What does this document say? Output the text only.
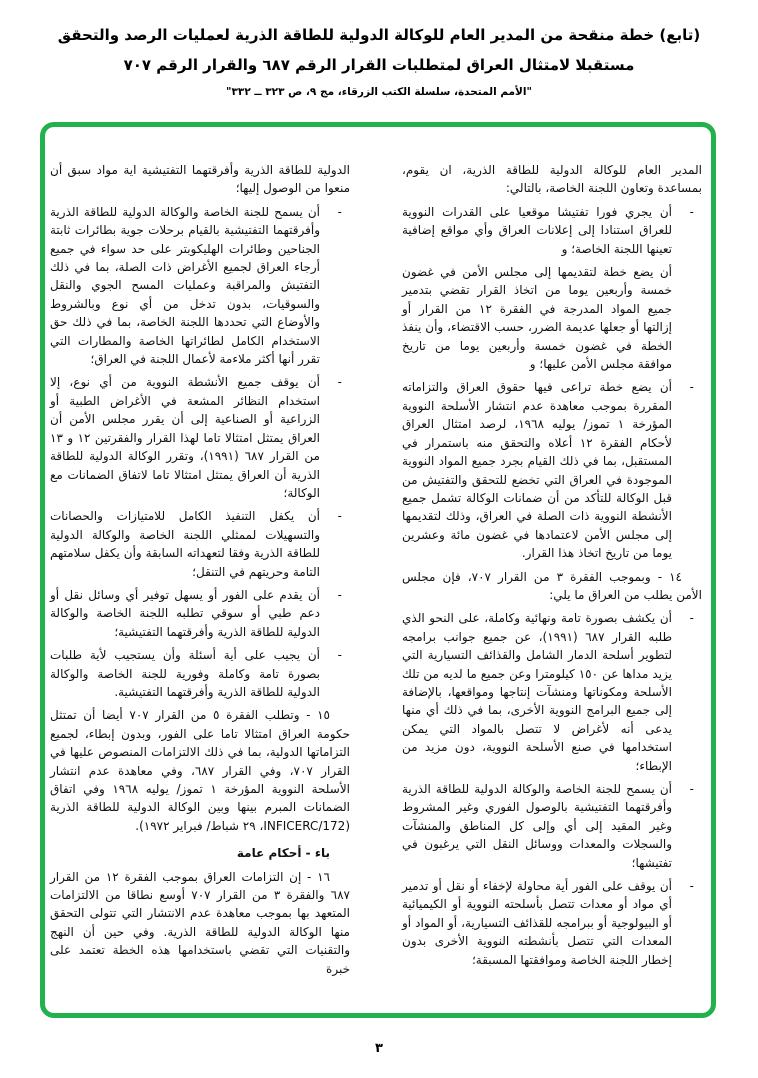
(تابع) خطة منقحة من المدير العام للوكالة الدولية للطاقة الذرية لعمليات الرصد والتحقق
مستقبلا لامتثال العراق لمتطلبات القرار الرقم ٦٨٧ والقرار الرقم ٧٠٧
"الأمم المتحدة، سلسلة الكتب الزرقاء، مج ٩، ص ٣٢٣ ــ ٣٣٢"

المدير العام للوكالة الدولية للطاقة الذرية، ان يقوم، بمساعدة وتعاون اللجنة الخاصة، بالتالي:

-
أن يجري فورا تفتيشا موقعيا على القدرات النووية للعراق استنادا إلى إعلانات العراق وأي مواقع إضافية تعينها اللجنة الخاصة؛ و
أن يضع خطة لتقديمها إلى مجلس الأمن في غضون خمسة وأربعين يوما من اتخاذ القرار تقضي بتدمير جميع المواد المدرجة في الفقرة ١٢ من القرار أو إزالتها أو جعلها عديمة الضرر، حسب الاقتضاء، وأن ينفذ الخطة في غضون خمسة وأربعين يوما من تاريخ موافقة مجلس الأمن عليها؛ و
-
أن يضع خطة تراعى فيها حقوق العراق والتزاماته المقررة بموجب معاهدة عدم انتشار الأسلحة النووية المؤرخة ١ تموز/ يوليه ١٩٦٨، لرصد امتثال العراق لأحكام الفقرة ١٢ أعلاه والتحقق منه باستمرار في المستقبل، بما في ذلك القيام بجرد جميع المواد النووية الموجودة في العراق التي تخضع للتحقق والتفتيش من قبل الوكالة للتأكد من أن ضمانات الوكالة تشمل جميع الأنشطة النووية ذات الصلة في العراق، وذلك لتقديمها إلى مجلس الأمن لاعتمادها في غضون مائة وعشرين يوما من تاريخ اتخاذ هذا القرار.

١٤ - وبموجب الفقرة ٣ من القرار ٧٠٧، فإن مجلس الأمن يطلب من العراق ما يلي:

-
أن يكشف بصورة تامة ونهائية وكاملة، على النحو الذي طلبه القرار ٦٨٧ (١٩٩١)، عن جميع جوانب برامجه لتطوير أسلحة الدمار الشامل والقذائف التسيارية التي يزيد مداها عن ١٥٠ كيلومترا وعن جميع ما لديه من تلك الأسلحة ومكوناتها ومنشآت إنتاجها ومواقعها، بالإضافة إلى جميع البرامج النووية الأخرى، بما في ذلك أي منها يدعى أنه لأغراض لا تتصل بالمواد التي يمكن استخدامها في صنع الأسلحة النووية، دون مزيد من الإبطاء؛
-
أن يسمح للجنة الخاصة والوكالة الدولية للطاقة الذرية وأفرقتهما التفتيشية بالوصول الفوري وغير المشروط وغير المقيد إلى أي وإلى كل المناطق والمنشآت والسجلات والمعدات ووسائل النقل التي يرغبون في تفتيشها؛
-
أن يوقف على الفور أية محاولة لإخفاء أو نقل أو تدمير أي مواد أو معدات تتصل بأسلحته النووية أو الكيميائية أو البيولوجية أو ببرامجه للقذائف التسيارية، أو المواد أو المعدات التي تتصل بأنشطته النووية الأخرى بدون إخطار اللجنة الخاصة وموافقتها المسبقة؛

الدولية للطاقة الذرية وأفرقتهما التفتيشية اية مواد سبق أن منعوا من الوصول إليها؛

-
أن يسمح للجنة الخاصة والوكالة الدولية للطاقة الذرية وأفرقتهما التفتيشية بالقيام برحلات جوية بطائرات ثابتة الجناحين وطائرات الهليكوبتر على حد سواء في جميع أرجاء العراق لجميع الأغراض ذات الصلة، بما في ذلك التفتيش والمراقبة وعمليات المسح الجوي والنقل والسوقيات، بدون تدخل من أي نوع وبالشروط والأوضاع التي تحددها اللجنة الخاصة، بما في ذلك حق الاستخدام الكامل لطائراتها الخاصة والمطارات التي تقرر أنها أكثر ملاءمة لأعمال اللجنة في العراق؛
-
أن يوقف جميع الأنشطة النووية من أي نوع، إلا استخدام النظائر المشعة في الأغراض الطبية أو الزراعية أو الصناعية إلى أن يقرر مجلس الأمن أن العراق يمتثل امتثالا تاما لهذا القرار والفقرتين ١٢ و ١٣ من القرار ٦٨٧ (١٩٩١)، وتقرر الوكالة الدولية للطاقة الذرية أن العراق يمتثل امتثالا تاما لاتفاق الضمانات مع الوكالة؛
-
أن يكفل التنفيذ الكامل للامتيازات والحصانات والتسهيلات لممثلي اللجنة الخاصة والوكالة الدولية للطاقة الذرية وفقا لتعهداته السابقة وأن يكفل سلامتهم التامة وحريتهم في التنقل؛
-
أن يقدم على الفور أو يسهل توفير أي وسائل نقل أو دعم طبي أو سوقي تطلبه اللجنة الخاصة والوكالة الدولية للطاقة الذرية وأفرقتهما التفتيشية؛
-
أن يجيب على أية أسئلة وأن يستجيب لأية طلبات بصورة تامة وكاملة وفورية للجنة الخاصة والوكالة الدولية للطاقة الذرية وأفرقتهما التفتيشية.

١٥ - وتطلب الفقرة ٥ من القرار ٧٠٧ أيضا أن تمتثل حكومة العراق امتثالا تاما على الفور، وبدون إبطاء، لجميع التزاماتها الدولية، بما في ذلك الالتزامات المنصوص عليها في القرار ٧٠٧، وفي القرار ٦٨٧، وفي معاهدة عدم انتشار الأسلحة النووية المؤرخة ١ تموز/ يوليه ١٩٦٨ وفي اتفاق الضمانات المبرم بينها وبين الوكالة الدولية للطاقة الذرية (INFICERC/172، ٢٩ شباط/ فبراير ١٩٧٢).

باء - أحكام عامة

١٦ - إن التزامات العراق بموجب الفقرة ١٢ من القرار ٦٨٧ والفقرة ٣ من القرار ٧٠٧ أوسع نطاقا من الالتزامات المتعهد بها بموجب معاهدة عدم الانتشار التي تتولى التحقق منها الوكالة الدولية للطاقة الذرية. وفي حين أن النهج والتقنيات التي تقضي باستخدامها هذه الخطة تعتمد على خبرة

٣
